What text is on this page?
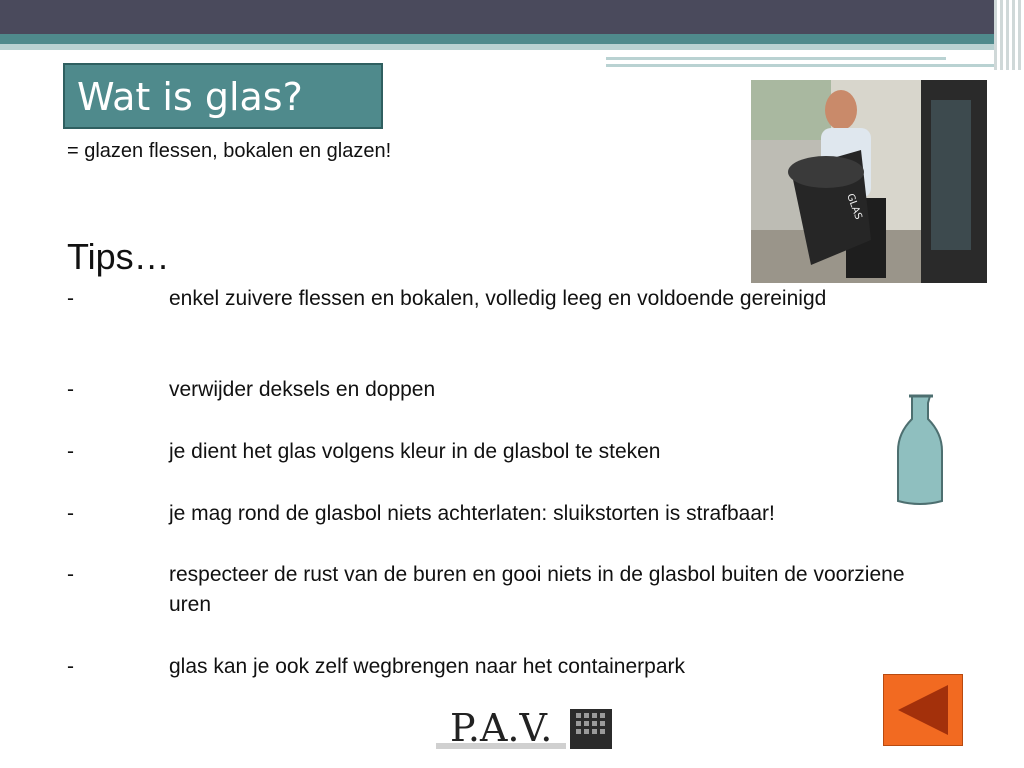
Wat is glas?
= glazen flessen, bokalen en glazen!
Tips…
-	enkel zuivere flessen en bokalen, volledig leeg en voldoende gereinigd
-	verwijder deksels en doppen
-	je dient het glas volgens kleur in de glasbol te steken
-	je mag rond de glasbol niets achterlaten: sluikstorten is strafbaar!
-	respecteer de rust van de buren en gooi niets in de glasbol buiten de voorziene uren
-	glas kan je ook zelf wegbrengen naar het containerpark
GLAS
P.A.V.
